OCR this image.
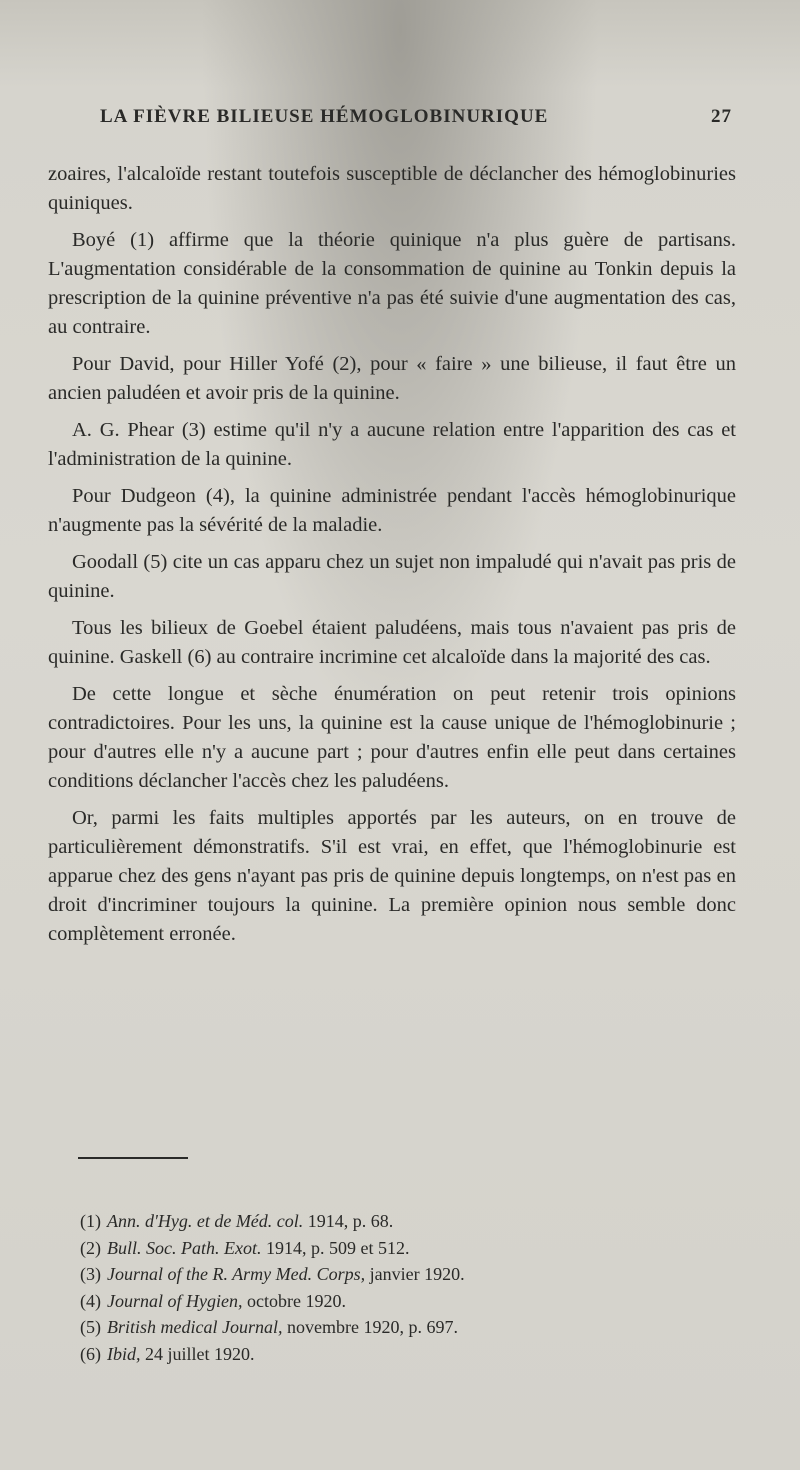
LA FIÈVRE BILIEUSE HÉMOGLOBINURIQUE	27

zoaires, l'alcaloïde restant toutefois susceptible de déclancher des hémoglobinuries quiniques.

Boyé (1) affirme que la théorie quinique n'a plus guère de partisans. L'augmentation considérable de la consommation de quinine au Tonkin depuis la prescription de la quinine préventive n'a pas été suivie d'une augmentation des cas, au contraire.

Pour David, pour Hiller Yofé (2), pour « faire » une bilieuse, il faut être un ancien paludéen et avoir pris de la quinine.

A. G. Phear (3) estime qu'il n'y a aucune relation entre l'apparition des cas et l'administration de la quinine.

Pour Dudgeon (4), la quinine administrée pendant l'accès hémoglobinurique n'augmente pas la sévérité de la maladie.

Goodall (5) cite un cas apparu chez un sujet non impaludé qui n'avait pas pris de quinine.

Tous les bilieux de Goebel étaient paludéens, mais tous n'avaient pas pris de quinine. Gaskell (6) au contraire incrimine cet alcaloïde dans la majorité des cas.

De cette longue et sèche énumération on peut retenir trois opinions contradictoires. Pour les uns, la quinine est la cause unique de l'hémoglobinurie ; pour d'autres elle n'y a aucune part ; pour d'autres enfin elle peut dans certaines conditions déclancher l'accès chez les paludéens.

Or, parmi les faits multiples apportés par les auteurs, on en trouve de particulièrement démonstratifs. S'il est vrai, en effet, que l'hémoglobinurie est apparue chez des gens n'ayant pas pris de quinine depuis longtemps, on n'est pas en droit d'incriminer toujours la quinine. La première opinion nous semble donc complètement erronée.

(1) Ann. d'Hyg. et de Méd. col. 1914, p. 68.
(2) Bull. Soc. Path. Exot. 1914, p. 509 et 512.
(3) Journal of the R. Army Med. Corps, janvier 1920.
(4) Journal of Hygien, octobre 1920.
(5) British medical Journal, novembre 1920, p. 697.
(6) Ibid, 24 juillet 1920.
